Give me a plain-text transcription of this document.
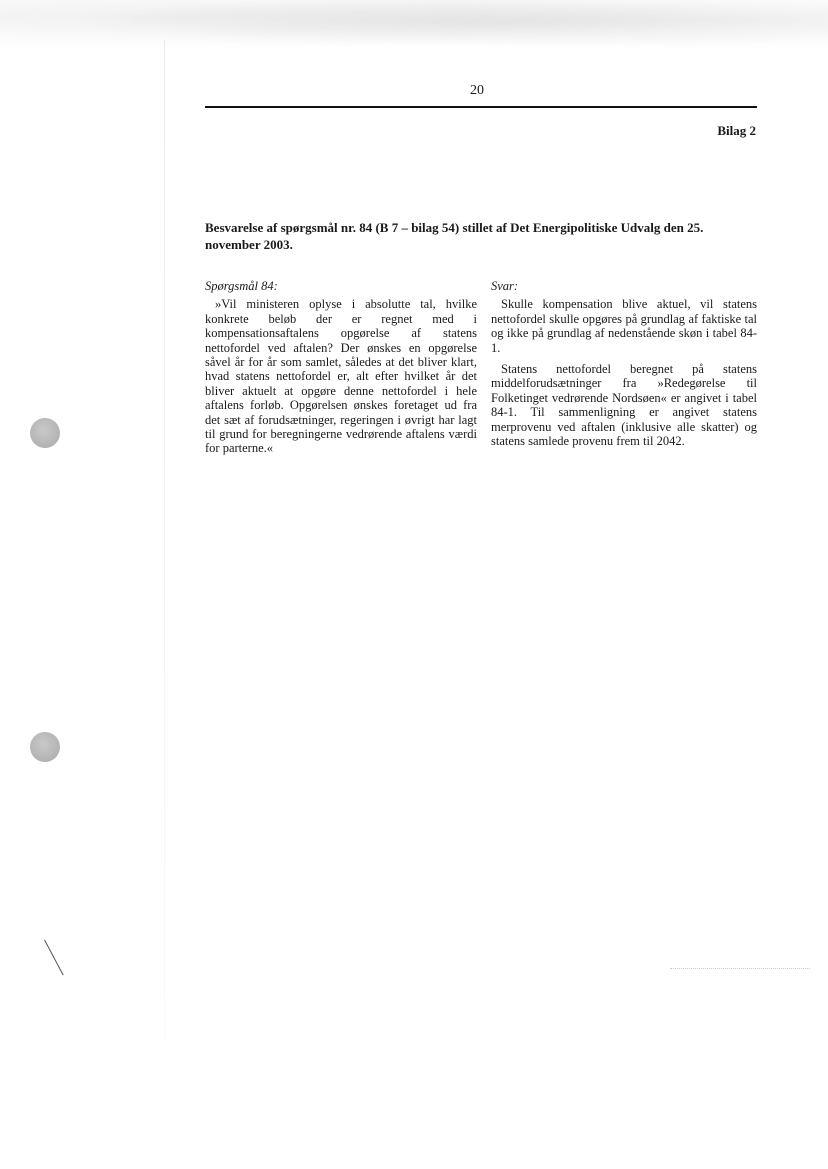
20
Bilag 2
Besvarelse af spørgsmål nr. 84 (B 7 – bilag 54) stillet af Det Energipolitiske Udvalg den 25. november 2003.

Spørgsmål 84:

»Vil ministeren oplyse i absolutte tal, hvilke konkrete beløb der er regnet med i kompensationsaftalens opgørelse af statens nettofordel ved aftalen? Der ønskes en opgørelse såvel år for år som samlet, således at det bliver klart, hvad statens nettofordel er, alt efter hvilket år det bliver aktuelt at opgøre denne nettofordel i hele aftalens forløb. Opgørelsen ønskes foretaget ud fra det sæt af forudsætninger, regeringen i øvrigt har lagt til grund for beregningerne vedrørende aftalens værdi for parterne.«

Svar:

Skulle kompensation blive aktuel, vil statens nettofordel skulle opgøres på grundlag af faktiske tal og ikke på grundlag af nedenstående skøn i tabel 84-1.

Statens nettofordel beregnet på statens middelforudsætninger fra »Redegørelse til Folketinget vedrørende Nordsøen« er angivet i tabel 84-1. Til sammenligning er angivet statens merprovenu ved aftalen (inklusive alle skatter) og statens samlede provenu frem til 2042.
